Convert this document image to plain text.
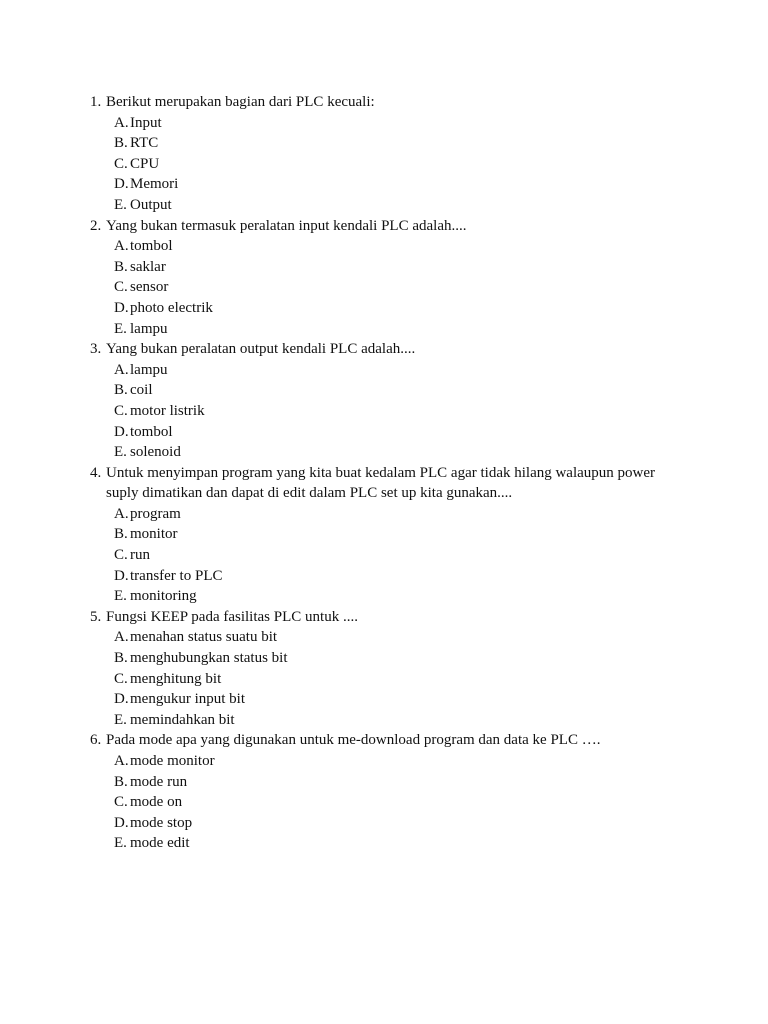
1. Berikut merupakan bagian dari PLC kecuali:
A.Input
B. RTC
C. CPU
D.Memori
E. Output
2. Yang bukan termasuk peralatan input kendali PLC adalah....
A.tombol
B. saklar
C. sensor
D.photo electrik
E. lampu
3. Yang bukan peralatan output kendali PLC adalah....
A.lampu
B. coil
C. motor listrik
D.tombol
E. solenoid
4. Untuk menyimpan program yang kita buat kedalam PLC agar tidak hilang walaupun power suply dimatikan dan dapat di edit dalam PLC set up kita gunakan....
A.program
B. monitor
C. run
D.transfer to PLC
E. monitoring
5. Fungsi KEEP pada fasilitas PLC untuk ....
A.menahan status suatu bit
B. menghubungkan status bit
C. menghitung bit
D.mengukur input bit
E. memindahkan bit
6. Pada mode apa yang digunakan untuk me-download program dan data ke PLC ….
A.mode monitor
B. mode run
C. mode on
D.mode stop
E. mode edit
